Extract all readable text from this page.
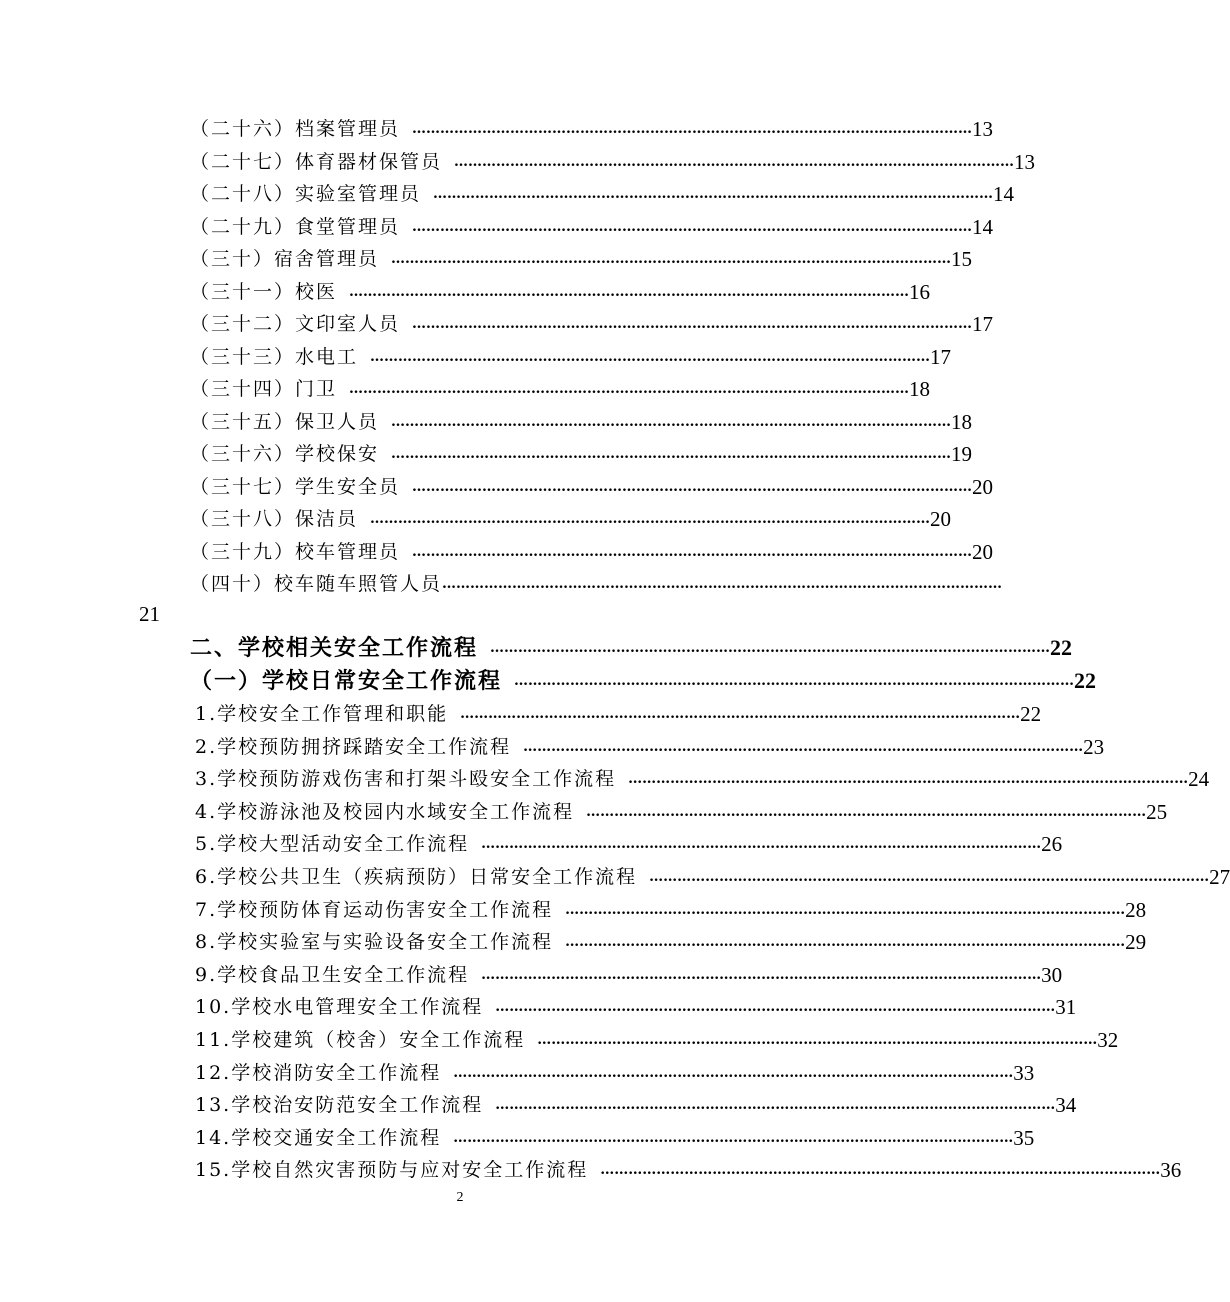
（二十六）档案管理员 ………………………………………………………………………………………………………… 13
（二十七）体育器材保管员 ………………………………………………………………………………………………………… 13
（二十八）实验室管理员 ………………………………………………………………………………………………………… 14
（二十九）食堂管理员 ………………………………………………………………………………………………………… 14
（三十）宿舍管理员 ………………………………………………………………………………………………………… 15
（三十一）校医 ………………………………………………………………………………………………………… 16
（三十二）文印室人员 ………………………………………………………………………………………………………… 17
（三十三）水电工 ………………………………………………………………………………………………………… 17
（三十四）门卫 ………………………………………………………………………………………………………… 18
（三十五）保卫人员 ………………………………………………………………………………………………………… 18
（三十六）学校保安 ………………………………………………………………………………………………………… 19
（三十七）学生安全员 ………………………………………………………………………………………………………… 20
（三十八）保洁员 ………………………………………………………………………………………………………… 20
（三十九）校车管理员 ………………………………………………………………………………………………………… 20
（四十）校车随车照管人员 …………………………………………………………………………………………………………
二、学校相关安全工作流程 ………………………………………………………………………………………………………… 22
（一）学校日常安全工作流程 ………………………………………………………………………………………………………… 22
1.学校安全工作管理和职能 ………………………………………………………………………………………………………… 22
2.学校预防拥挤踩踏安全工作流程 ………………………………………………………………………………………………………… 23
3.学校预防游戏伤害和打架斗殴安全工作流程 ………………………………………………………………………………………………………… 24
4.学校游泳池及校园内水域安全工作流程 ………………………………………………………………………………………………………… 25
5.学校大型活动安全工作流程 ………………………………………………………………………………………………………… 26
6.学校公共卫生（疾病预防）日常安全工作流程 ………………………………………………………………………………………………………… 27
7.学校预防体育运动伤害安全工作流程 ………………………………………………………………………………………………………… 28
8.学校实验室与实验设备安全工作流程 ………………………………………………………………………………………………………… 29
9.学校食品卫生安全工作流程 ………………………………………………………………………………………………………… 30
10.学校水电管理安全工作流程 ………………………………………………………………………………………………………… 31
11.学校建筑（校舍）安全工作流程 ………………………………………………………………………………………………………… 32
12.学校消防安全工作流程 ………………………………………………………………………………………………………… 33
13.学校治安防范安全工作流程 ………………………………………………………………………………………………………… 34
14.学校交通安全工作流程 ………………………………………………………………………………………………………… 35
15.学校自然灾害预防与应对安全工作流程 ………………………………………………………………………………………………………… 36
21
2
